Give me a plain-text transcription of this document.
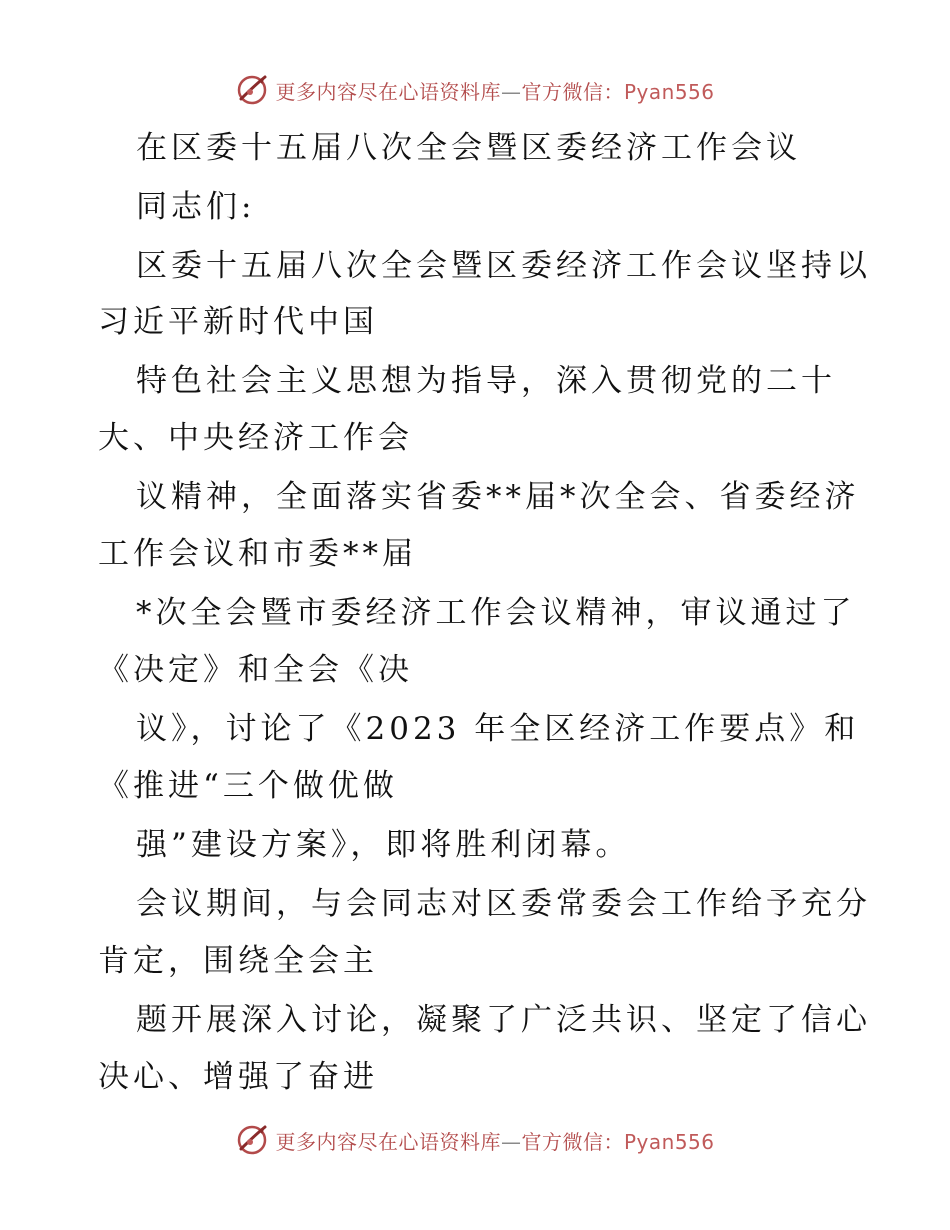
更多内容尽在心语资料库—官方微信：Pyan556
在区委十五届八次全会暨区委经济工作会议
同志们:
区委十五届八次全会暨区委经济工作会议坚持以
习近平新时代中国
特色社会主义思想为指导，深入贯彻党的二十
大、中央经济工作会
议精神，全面落实省委**届*次全会、省委经济
工作会议和市委**届
*次全会暨市委经济工作会议精神，审议通过了
《决定》和全会《决
议》，讨论了《2023 年全区经济工作要点》和
《推进“三个做优做
强”建设方案》，即将胜利闭幕。
会议期间，与会同志对区委常委会工作给予充分
肯定，围绕全会主
题开展深入讨论，凝聚了广泛共识、坚定了信心
决心、增强了奋进
更多内容尽在心语资料库—官方微信：Pyan556
